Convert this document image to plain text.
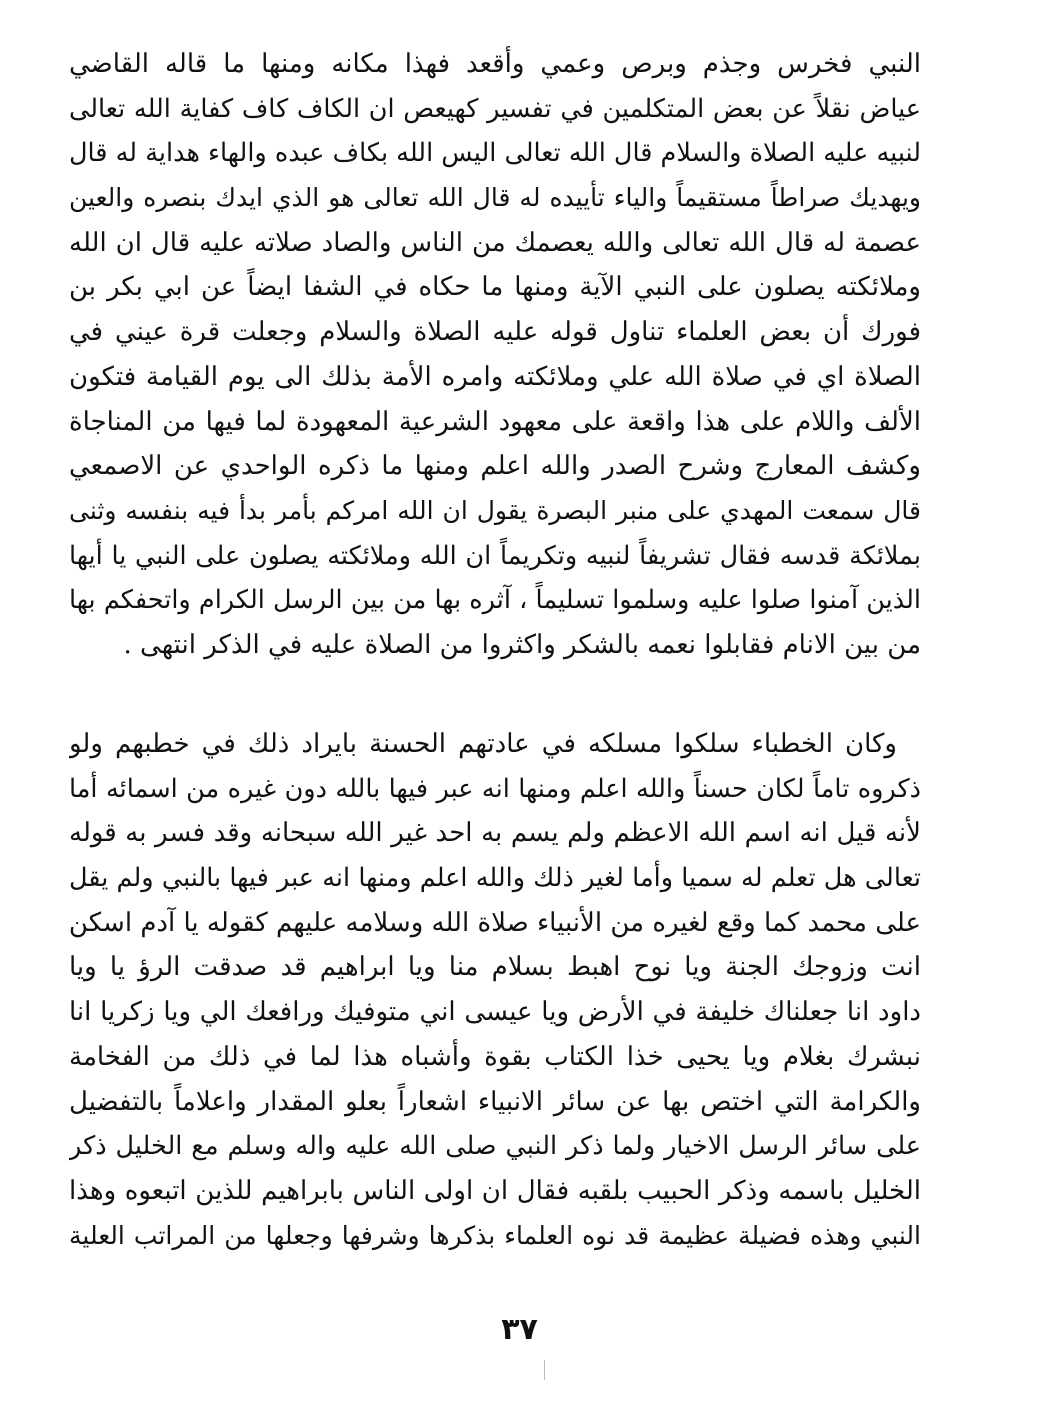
النبي فخرس وجذم وبرص وعمي وأقعد فهذا مكانه ومنها ما قاله القاضي
عياض نقلاً عن بعض المتكلمين في تفسير كهيعص ان الكاف كاف كفاية الله تعالى
لنبيه عليه الصلاة والسلام قال الله تعالى اليس الله بكاف عبده والهاء هداية له قال
ويهديك صراطاً مستقيماً والياء تأييده له قال الله تعالى هو الذي ايدك بنصره والعين
عصمة له قال الله تعالى والله يعصمك من الناس والصاد صلاته عليه قال ان الله
وملائكته يصلون على النبي الآية ومنها ما حكاه في الشفا ايضاً عن ابي بكر بن
فورك أن بعض العلماء تناول قوله عليه الصلاة والسلام وجعلت قرة عيني في
الصلاة اي في صلاة الله علي وملائكته وامره الأمة بذلك الى يوم القيامة فتكون
الألف واللام على هذا واقعة على معهود الشرعية المعهودة لما فيها من المناجاة
وكشف المعارج وشرح الصدر والله اعلم ومنها ما ذكره الواحدي عن الاصمعي
قال سمعت المهدي على منبر البصرة يقول ان الله امركم بأمر بدأ فيه بنفسه وثنى
بملائكة قدسه فقال تشريفاً لنبيه وتكريماً ان الله وملائكته يصلون على النبي يا أيها
الذين آمنوا صلوا عليه وسلموا تسليماً ، آثره بها من بين الرسل الكرام واتحفكم بها
من بين الانام فقابلوا نعمه بالشكر واكثروا من الصلاة عليه في الذكر انتهى .
وكان الخطباء سلكوا مسلكه في عادتهم الحسنة بايراد ذلك في خطبهم ولو
ذكروه تاماً لكان حسناً والله اعلم ومنها انه عبر فيها بالله دون غيره من اسمائه أما
لأنه قيل انه اسم الله الاعظم ولم يسم به احد غير الله سبحانه وقد فسر به قوله
تعالى هل تعلم له سميا وأما لغير ذلك والله اعلم ومنها انه عبر فيها بالنبي ولم يقل
على محمد كما وقع لغيره من الأنبياء صلاة الله وسلامه عليهم كقوله يا آدم اسكن
انت وزوجك الجنة ويا نوح اهبط بسلام منا ويا ابراهيم قد صدقت الرؤ يا ويا
داود انا جعلناك خليفة في الأرض ويا عيسى اني متوفيك ورافعك الي ويا زكريا انا
نبشرك بغلام ويا يحيى خذا الكتاب بقوة وأشباه هذا لما في ذلك من الفخامة
والكرامة التي اختص بها عن سائر الانبياء اشعاراً بعلو المقدار واعلاماً بالتفضيل
على سائر الرسل الاخيار ولما ذكر النبي صلى الله عليه واله وسلم مع الخليل ذكر
الخليل باسمه وذكر الحبيب بلقبه فقال ان اولى الناس بابراهيم للذين اتبعوه وهذا
النبي وهذه فضيلة عظيمة قد نوه العلماء بذكرها وشرفها وجعلها من المراتب العلية
٣٧
